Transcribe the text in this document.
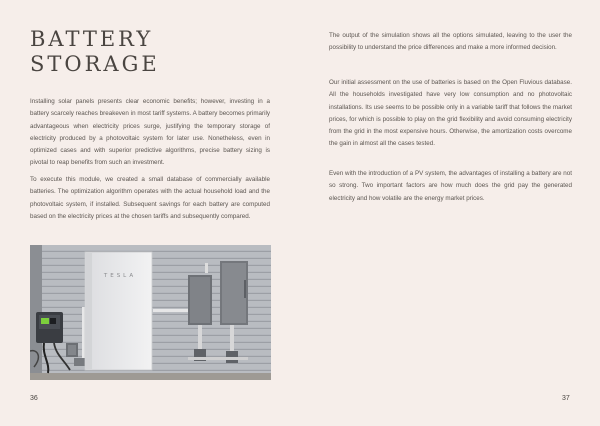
BATTERY
STORAGE

Installing solar panels presents clear economic benefits; however, investing in a battery scarcely reaches breakeven in most tariff systems. A battery becomes primarily advantageous when electricity prices surge, justifying the temporary storage of electricity produced by a photovoltaic system for later use. Nonetheless, even in optimized cases and with superior predictive algorithms, precise battery sizing is pivotal to reap benefits from such an investment.

To execute this module, we created a small database of commercially available batteries. The optimization algorithm operates with the actual household load and the photovoltaic system, if installed. Subsequent savings for each battery are computed based on the electricity prices at the chosen tariffs and subsequently compared.

TESLA
36

The output of the simulation shows all the options simulated, leaving to the user the possibility to understand the price differences and make a more informed decision.

Our initial assessment on the use of batteries is based on the Open Fluvious database. All the households investigated have very low consumption and no photovoltaic installations. Its use seems to be possible only in a variable tariff that follows the market prices, for which is possible to play on the grid flexibility and avoid consuming electricity from the grid in the most expensive hours. Otherwise, the amortization costs overcome the gain in almost all the cases tested.

Even with the introduction of a PV system, the advantages of installing a battery are not so strong. Two important factors are how much does the grid pay the generated electricity and how volatile are the energy market prices.

37
